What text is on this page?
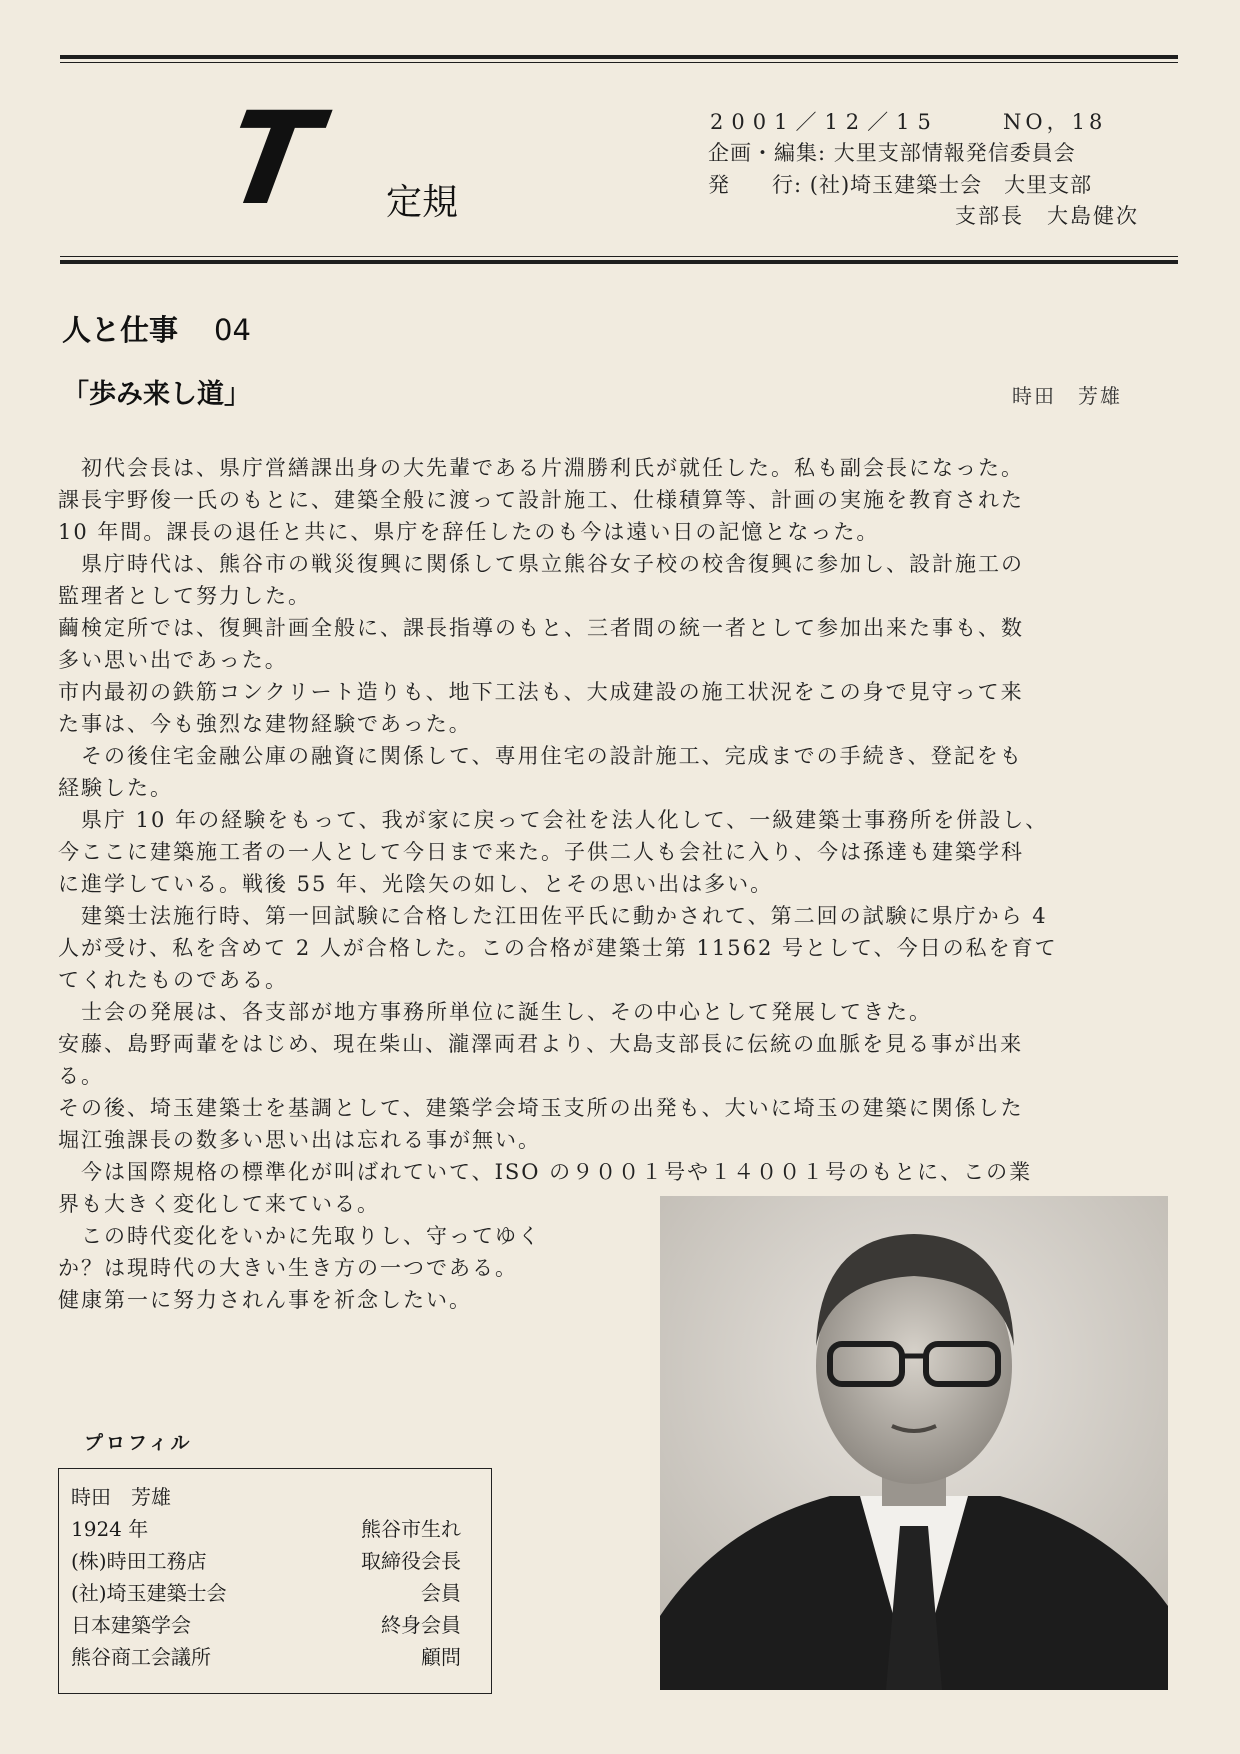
T 定規
2001／12／15	NO，18
企画・編集: 大里支部情報発信委員会
発 行: (社)埼玉建築士会　大里支部
支部長　大島健次
人と仕事 04
「歩み来し道」	時田　芳雄

　初代会長は、県庁営繕課出身の大先輩である片淵勝利氏が就任した。私も副会長になった。

課長宇野俊一氏のもとに、建築全般に渡って設計施工、仕様積算等、計画の実施を教育された

10 年間。課長の退任と共に、県庁を辞任したのも今は遠い日の記憶となった。

　県庁時代は、熊谷市の戦災復興に関係して県立熊谷女子校の校舎復興に参加し、設計施工の

監理者として努力した。

繭検定所では、復興計画全般に、課長指導のもと、三者間の統一者として参加出来た事も、数

多い思い出であった。

市内最初の鉄筋コンクリート造りも、地下工法も、大成建設の施工状況をこの身で見守って来

た事は、今も強烈な建物経験であった。

　その後住宅金融公庫の融資に関係して、専用住宅の設計施工、完成までの手続き、登記をも

経験した。

　県庁 10 年の経験をもって、我が家に戻って会社を法人化して、一級建築士事務所を併設し、

今ここに建築施工者の一人として今日まで来た。子供二人も会社に入り、今は孫達も建築学科

に進学している。戦後 55 年、光陰矢の如し、とその思い出は多い。

　建築士法施行時、第一回試験に合格した江田佐平氏に動かされて、第二回の試験に県庁から 4

人が受け、私を含めて 2 人が合格した。この合格が建築士第 11562 号として、今日の私を育て

てくれたものである。

　士会の発展は、各支部が地方事務所単位に誕生し、その中心として発展してきた。

安藤、島野両輩をはじめ、現在柴山、瀧澤両君より、大島支部長に伝統の血脈を見る事が出来

る。

その後、埼玉建築士を基調として、建築学会埼玉支所の出発も、大いに埼玉の建築に関係した

堀江強課長の数多い思い出は忘れる事が無い。

　今は国際規格の標準化が叫ばれていて、ISO の９００１号や１４００１号のもとに、この業

界も大きく変化して来ている。

　この時代変化をいかに先取りし、守ってゆく

か？は現時代の大きい生き方の一つである。

健康第一に努力されん事を祈念したい。

プロフィル
時田　芳雄
1924 年	熊谷市生れ
(株)時田工務店	取締役会長
(社)埼玉建築士会	会員
日本建築学会	終身会員
熊谷商工会議所	顧問
